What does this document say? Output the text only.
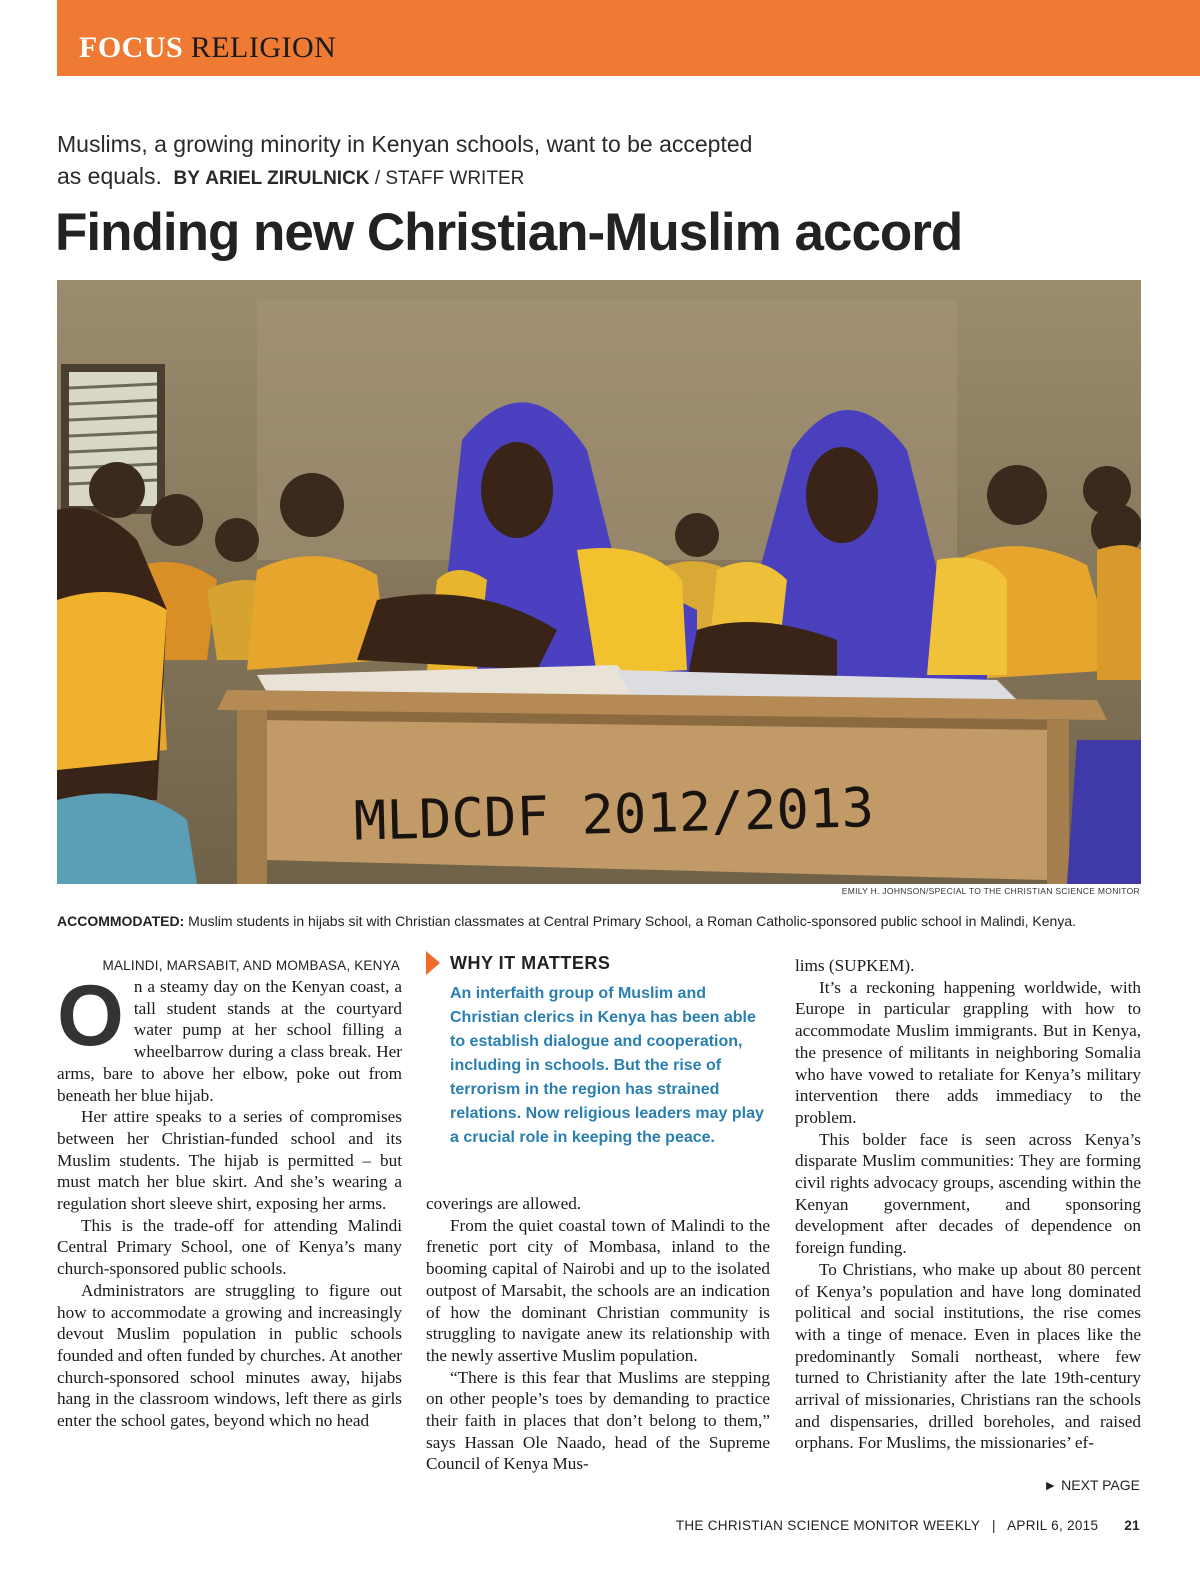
FOCUS RELIGION
Muslims, a growing minority in Kenyan schools, want to be accepted as equals. BY ARIEL ZIRULNICK / STAFF WRITER
Finding new Christian-Muslim accord
MLDCDF 2012/2013
EMILY H. JOHNSON/SPECIAL TO THE CHRISTIAN SCIENCE MONITOR
ACCOMMODATED: Muslim students in hijabs sit with Christian classmates at Central Primary School, a Roman Catholic-sponsored public school in Malindi, Kenya.
MALINDI, MARSABIT, AND MOMBASA, KENYA

On a steamy day on the Kenyan coast, a tall student stands at the courtyard water pump at her school filling a wheelbarrow during a class break. Her arms, bare to above her elbow, poke out from beneath her blue hijab.

Her attire speaks to a series of compromises between her Christian-funded school and its Muslim students. The hijab is permitted – but must match her blue skirt. And she’s wearing a regulation short sleeve shirt, exposing her arms.

This is the trade-off for attending Malindi Central Primary School, one of Kenya’s many church-sponsored public schools.

Administrators are struggling to figure out how to accommodate a growing and increasingly devout Muslim population in public schools founded and often funded by churches. At another church-sponsored school minutes away, hijabs hang in the classroom windows, left there as girls enter the school gates, beyond which no head

WHY IT MATTERS
An interfaith group of Muslim and Christian clerics in Kenya has been able to establish dialogue and cooperation, including in schools. But the rise of terrorism in the region has strained relations. Now religious leaders may play a crucial role in keeping the peace.

coverings are allowed.

From the quiet coastal town of Malindi to the frenetic port city of Mombasa, inland to the booming capital of Nairobi and up to the isolated outpost of Marsabit, the schools are an indication of how the dominant Christian community is struggling to navigate anew its relationship with the newly assertive Muslim population.

“There is this fear that Muslims are stepping on other people’s toes by demanding to practice their faith in places that don’t belong to them,” says Hassan Ole Naado, head of the Supreme Council of Kenya Mus-

lims (SUPKEM).

It’s a reckoning happening worldwide, with Europe in particular grappling with how to accommodate Muslim immigrants. But in Kenya, the presence of militants in neighboring Somalia who have vowed to retaliate for Kenya’s military intervention there adds immediacy to the problem.

This bolder face is seen across Kenya’s disparate Muslim communities: They are forming civil rights advocacy groups, ascending within the Kenyan government, and sponsoring development after decades of dependence on foreign funding.

To Christians, who make up about 80 percent of Kenya’s population and have long dominated political and social institutions, the rise comes with a tinge of menace. Even in places like the predominantly Somali northeast, where few turned to Christianity after the late 19th-century arrival of missionaries, Christians ran the schools and dispensaries, drilled boreholes, and raised orphans. For Muslims, the missionaries’ ef-

► NEXT PAGE
THE CHRISTIAN SCIENCE MONITOR WEEKLY | APRIL 6, 2015 21
